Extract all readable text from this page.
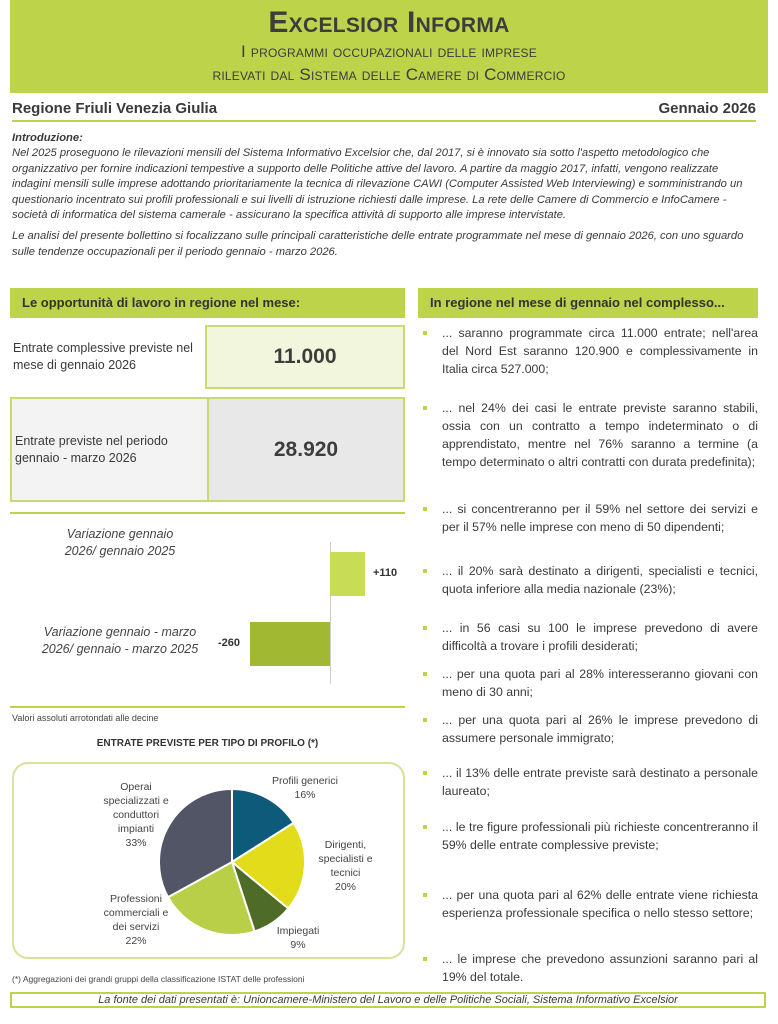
Excelsior Informa
I programmi occupazionali delle imprese
rilevati dal Sistema delle Camere di Commercio
Regione Friuli Venezia Giulia	Gennaio 2026
Introduzione:

Nel 2025 proseguono le rilevazioni mensili del Sistema Informativo Excelsior che, dal 2017, si è innovato sia sotto l'aspetto metodologico che organizzativo per fornire indicazioni tempestive a supporto delle Politiche attive del lavoro. A partire da maggio 2017, infatti, vengono realizzate indagini mensili sulle imprese adottando prioritariamente la tecnica di rilevazione CAWI (Computer Assisted Web Interviewing) e somministrando un questionario incentrato sui profili professionali e sui livelli di istruzione richiesti dalle imprese. La rete delle Camere di Commercio e InfoCamere - società di informatica del sistema camerale - assicurano la specifica attività di supporto alle imprese intervistate.

Le analisi del presente bollettino si focalizzano sulle principali caratteristiche delle entrate programmate nel mese di gennaio 2026, con uno sguardo sulle tendenze occupazionali per il periodo gennaio - marzo 2026.

Le opportunità di lavoro in regione nel mese:
Entrate complessive previste nel mese di gennaio 2026	11.000
Entrate previste nel periodo gennaio - marzo 2026	28.920
Variazione gennaio 2026/ gennaio 2025
Variazione gennaio - marzo 2026/ gennaio - marzo 2025
+110
-260
Valori assoluti arrotondati alle decine
ENTRATE PREVISTE PER TIPO DI PROFILO (*)
Profili generici
16%
Dirigenti, specialisti e tecnici
20%
Impiegati
9%
Professioni commerciali e dei servizi
22%
Operai specializzati e conduttori impianti
33%
(*) Aggregazioni dei grandi gruppi della classificazione ISTAT delle professioni
In regione nel mese di gennaio nel complesso...
... saranno programmate circa 11.000 entrate; nell'area del Nord Est saranno 120.900 e complessivamente in Italia circa 527.000;
... nel 24% dei casi le entrate previste saranno stabili, ossia con un contratto a tempo indeterminato o di apprendistato, mentre nel 76% saranno a termine (a tempo determinato o altri contratti con durata predefinita);
... si concentreranno per il 59% nel settore dei servizi e per il 57% nelle imprese con meno di 50 dipendenti;
... il 20% sarà destinato a dirigenti, specialisti e tecnici, quota inferiore alla media nazionale (23%);
... in 56 casi su 100 le imprese prevedono di avere difficoltà a trovare i profili desiderati;
... per una quota pari al 28% interesseranno giovani con meno di 30 anni;
... per una quota pari al 26% le imprese prevedono di assumere personale immigrato;
... il 13% delle entrate previste sarà destinato a personale laureato;
... le tre figure professionali più richieste concentreranno il 59% delle entrate complessive previste;
... per una quota pari al 62% delle entrate viene richiesta esperienza professionale specifica o nello stesso settore;
... le imprese che prevedono assunzioni saranno pari al 19% del totale.
La fonte dei dati presentati è: Unioncamere-Ministero del Lavoro e delle Politiche Sociali, Sistema Informativo Excelsior
